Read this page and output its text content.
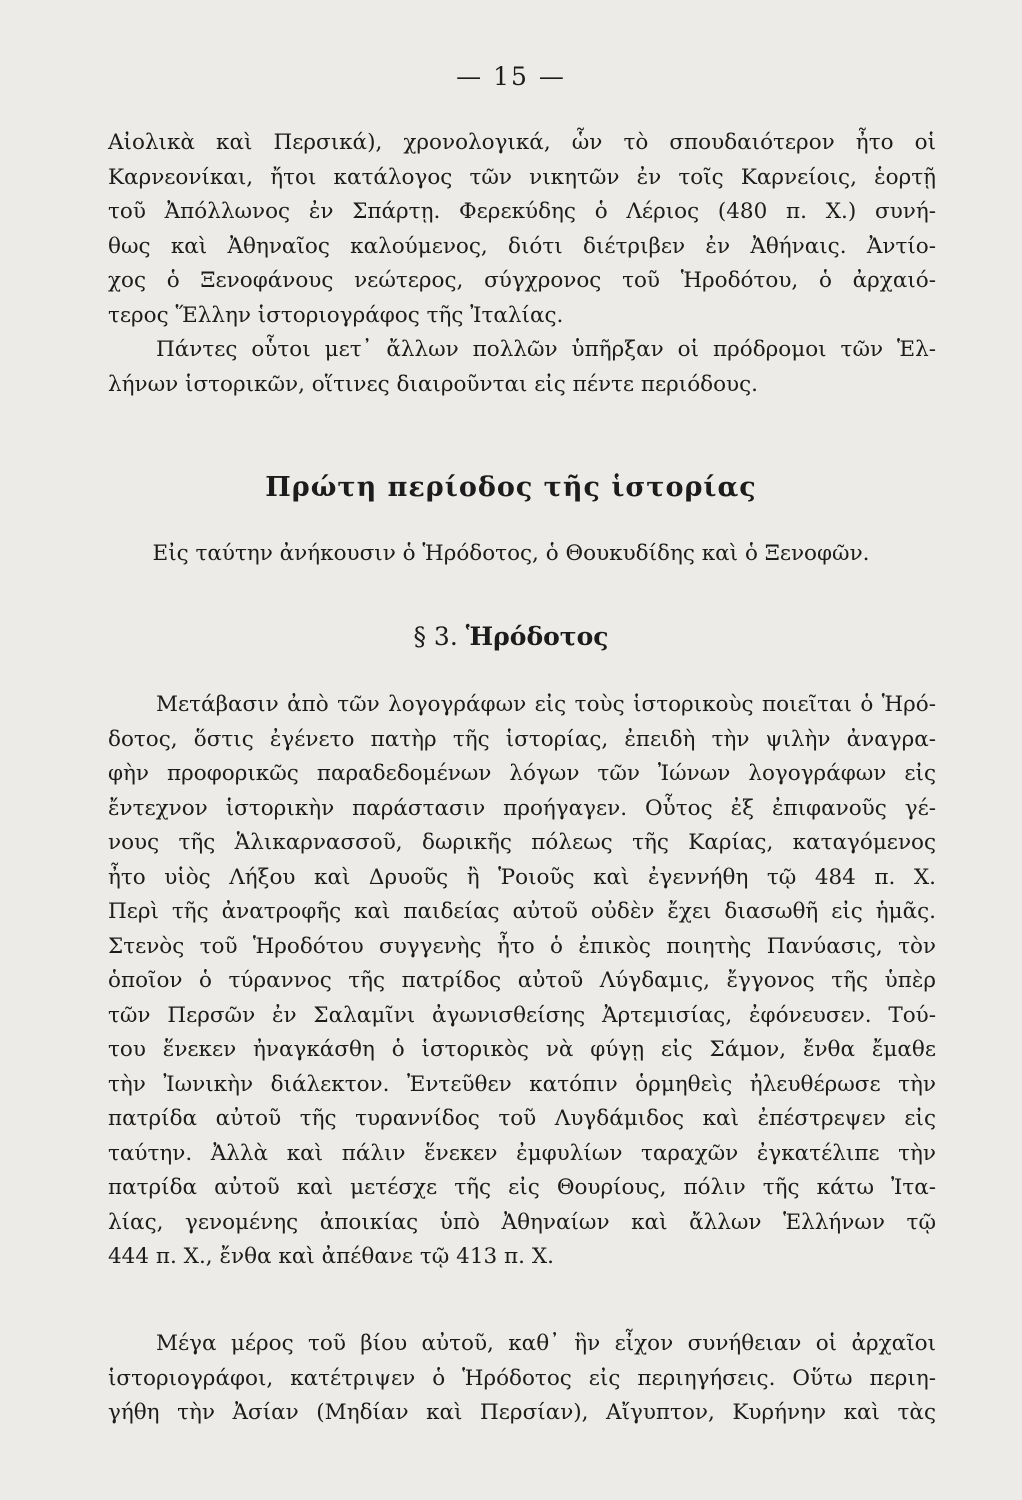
— 15 —
Αἰολικὰ καὶ Περσικά), χρονολογικά, ὧν τὸ σπουδαιότερον ἦτο οἱ
Καρνεονίκαι, ἤτοι κατάλογος τῶν νικητῶν ἐν τοῖς Καρνείοις, ἑορτῇ
τοῦ Ἀπόλλωνος ἐν Σπάρτῃ. Φερεκύδης ὁ Λέριος (480 π. Χ.) συνή-
θως καὶ Ἀθηναῖος καλούμενος, διότι διέτριβεν ἐν Ἀθήναις. Ἀντίο-
χος ὁ Ξενοφάνους νεώτερος, σύγχρονος τοῦ Ἡροδότου, ὁ ἀρχαιό-
τερος Ἕλλην ἱστοριογράφος τῆς Ἰταλίας.
Πάντες οὗτοι μετ᾽ ἄλλων πολλῶν ὑπῆρξαν οἱ πρόδρομοι τῶν Ἑλ-
λήνων ἱστορικῶν, οἵτινες διαιροῦνται εἰς πέντε περιόδους.
Πρώτη περίοδος τῆς ἱστορίας
Εἰς ταύτην ἀνήκουσιν ὁ Ἡρόδοτος, ὁ Θουκυδίδης καὶ ὁ Ξενοφῶν.
§ 3. Ἡρόδοτος
Μετάβασιν ἀπὸ τῶν λογογράφων εἰς τοὺς ἱστορικοὺς ποιεῖται ὁ Ἡρό-
δοτος, ὅστις ἐγένετο πατὴρ τῆς ἱστορίας, ἐπειδὴ τὴν ψιλὴν ἀναγρα-
φὴν προφορικῶς παραδεδομένων λόγων τῶν Ἰώνων λογογράφων εἰς
ἔντεχνον ἱστορικὴν παράστασιν προήγαγεν. Οὗτος ἐξ ἐπιφανοῦς γέ-
νους τῆς Ἁλικαρνασσοῦ, δωρικῆς πόλεως τῆς Καρίας, καταγόμενος
ἦτο υἱὸς Λήξου καὶ Δρυοῦς ἢ Ῥοιοῦς καὶ ἐγεννήθη τῷ 484 π. Χ.
Περὶ τῆς ἀνατροφῆς καὶ παιδείας αὐτοῦ οὐδὲν ἔχει διασωθῆ εἰς ἡμᾶς.
Στενὸς τοῦ Ἡροδότου συγγενὴς ἦτο ὁ ἐπικὸς ποιητὴς Πανύασις, τὸν
ὁποῖον ὁ τύραννος τῆς πατρίδος αὐτοῦ Λύγδαμις, ἔγγονος τῆς ὑπὲρ
τῶν Περσῶν ἐν Σαλαμῖνι ἀγωνισθείσης Ἀρτεμισίας, ἐφόνευσεν. Τού-
του ἕνεκεν ἠναγκάσθη ὁ ἱστορικὸς νὰ φύγῃ εἰς Σάμον, ἔνθα ἔμαθε
τὴν Ἰωνικὴν διάλεκτον. Ἐντεῦθεν κατόπιν ὁρμηθεὶς ἠλευθέρωσε τὴν
πατρίδα αὐτοῦ τῆς τυραννίδος τοῦ Λυγδάμιδος καὶ ἐπέστρεψεν εἰς
ταύτην. Ἀλλὰ καὶ πάλιν ἕνεκεν ἐμφυλίων ταραχῶν ἐγκατέλιπε τὴν
πατρίδα αὐτοῦ καὶ μετέσχε τῆς εἰς Θουρίους, πόλιν τῆς κάτω Ἰτα-
λίας, γενομένης ἀποικίας ὑπὸ Ἀθηναίων καὶ ἄλλων Ἑλλήνων τῷ
444 π. Χ., ἔνθα καὶ ἀπέθανε τῷ 413 π. Χ.
Μέγα μέρος τοῦ βίου αὐτοῦ, καθ᾽ ἣν εἶχον συνήθειαν οἱ ἀρχαῖοι
ἱστοριογράφοι, κατέτριψεν ὁ Ἡρόδοτος εἰς περιηγήσεις. Οὕτω περιη-
γήθη τὴν Ἀσίαν (Μηδίαν καὶ Περσίαν), Αἴγυπτον, Κυρήνην καὶ τὰς
